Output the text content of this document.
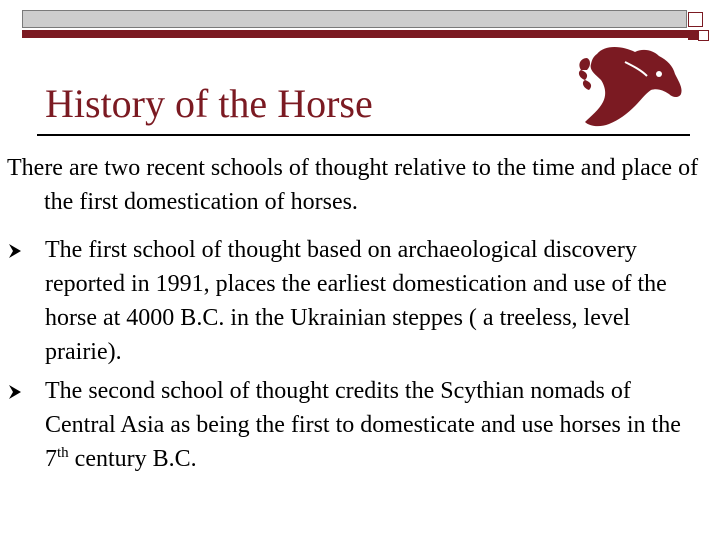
History of the Horse

There are two recent schools of thought relative to the time and place of the first domestication of horses.

The first school of thought based on archaeological discovery reported in 1991, places the earliest domestication and use of the horse at 4000 B.C. in the Ukrainian steppes ( a treeless, level prairie).
The second school of thought credits the Scythian nomads of Central Asia as being the first to domesticate and use horses in the 7th century B.C.
